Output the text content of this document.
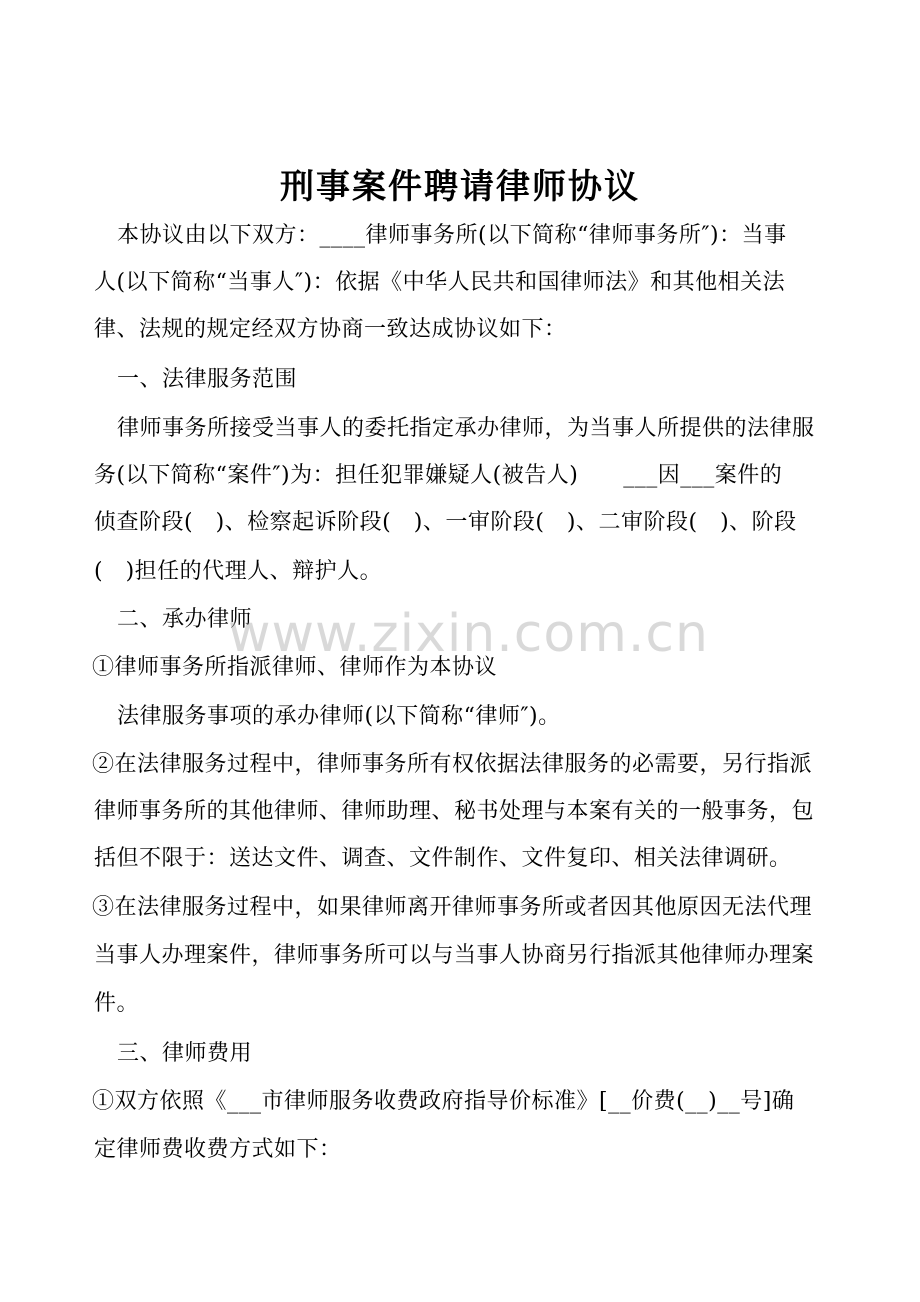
刑事案件聘请律师协议
本协议由以下双方：____律师事务所(以下简称“律师事务所″)：当事
人(以下简称“当事人″)：依据《中华人民共和国律师法》和其他相关法
律、法规的规定经双方协商一致达成协议如下：
一、法律服务范围
律师事务所接受当事人的委托指定承办律师，为当事人所提供的法律服
务(以下简称“案件″)为：担任犯罪嫌疑人(被告人)　　___因___案件的
侦查阶段(　)、检察起诉阶段(　)、一审阶段(　)、二审阶段(　)、阶段
(　)担任的代理人、辩护人。
二、承办律师
①律师事务所指派律师、律师作为本协议
法律服务事项的承办律师(以下简称“律师″)。
②在法律服务过程中，律师事务所有权依据法律服务的必需要，另行指派
律师事务所的其他律师、律师助理、秘书处理与本案有关的一般事务，包
括但不限于：送达文件、调查、文件制作、文件复印、相关法律调研。
③在法律服务过程中，如果律师离开律师事务所或者因其他原因无法代理
当事人办理案件，律师事务所可以与当事人协商另行指派其他律师办理案
件。
三、律师费用
①双方依照《___市律师服务收费政府指导价标准》[__价费(__)__号]确
定律师费收费方式如下：
www.zixin.com.cn
